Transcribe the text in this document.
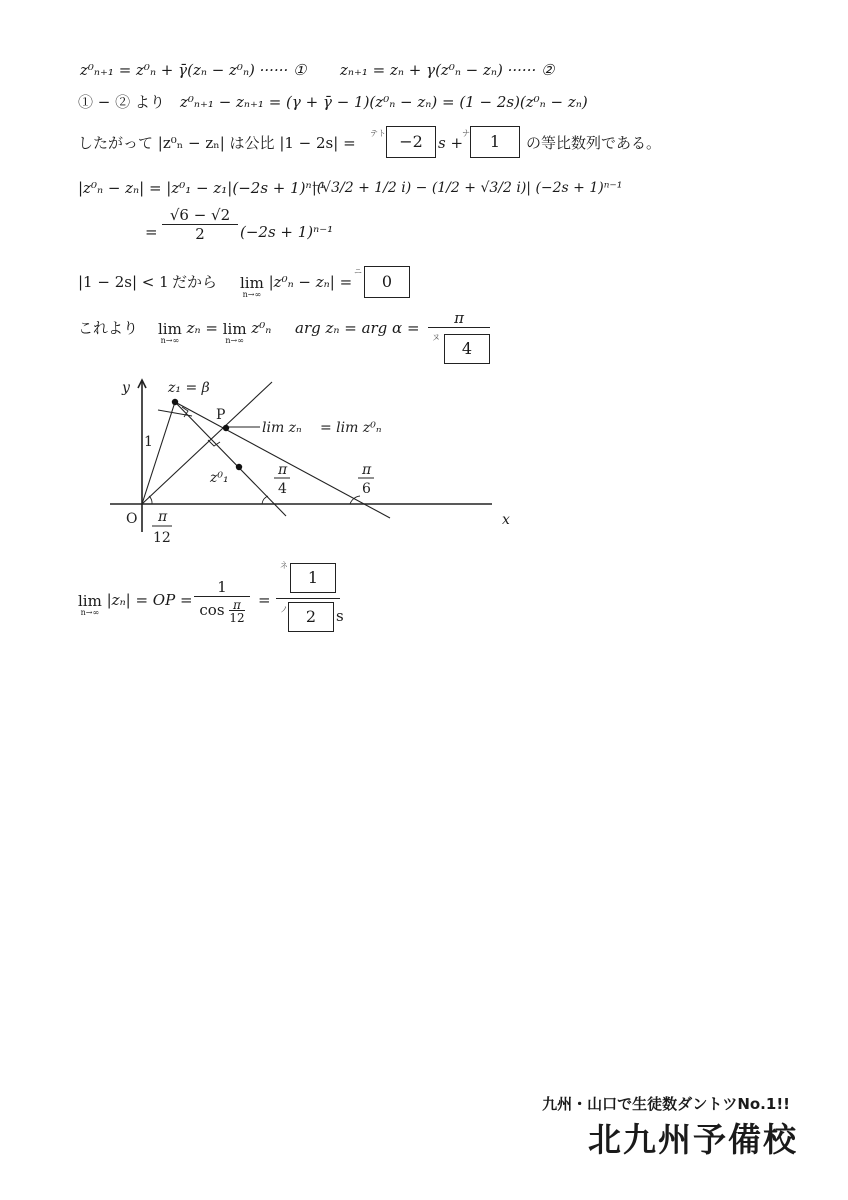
z⁰ₙ₊₁ = z⁰ₙ + γ̄(zₙ − z⁰ₙ) ······ ① zₙ₊₁ = zₙ + γ(z⁰ₙ − zₙ) ······ ②
① − ② より z⁰ₙ₊₁ − zₙ₊₁ = (γ + γ̄ − 1)(z⁰ₙ − zₙ) = (1 − 2s)(z⁰ₙ − zₙ)
したがって |z⁰ₙ − zₙ| は公比 |1 − 2s| =
テト −2	s +
ナ	1	の等比数列である。
|z⁰ₙ − zₙ| = |z⁰₁ − z₁|(−2s + 1)ⁿ⁻¹
|(√3/2 + 1/2 i) − (1/2 + √3/2 i)| (−2s + 1)ⁿ⁻¹
= $\frac{√6 - √2}{2} (-2s + 1)^{n-1}$
|1 − 2s| < 1 だから lim
n→∞
|z⁰ₙ − zₙ| =
ニ
0
これより lim
n→∞
zₙ = lim
n→∞
z⁰ₙ arg zₙ = arg α =
π
ヌ
4
y
x
O
P
z₁ = β
1
z⁰₁
lim zₙ = lim z⁰ₙ
π
4
π
6
π
12
lim
n→∞
|zₙ| = OP =
1
$\cos \frac{\pi}{12}$ =
ネ
1
ノ	2	s
九州・山口で生徒数ダントツNo.1!!
北九州予備校
